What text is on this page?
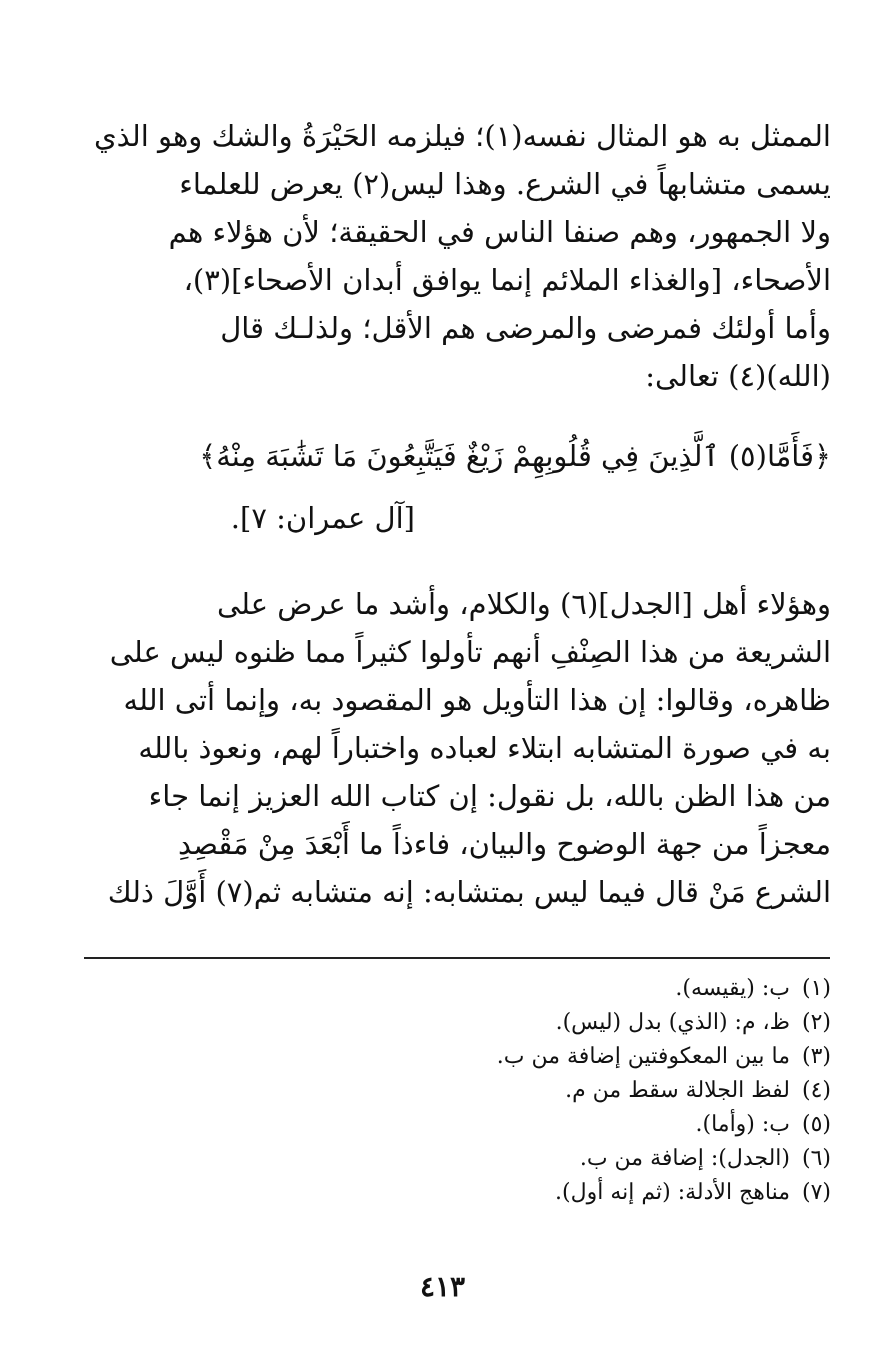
الممثل به هو المثال نفسه(١)؛ فيلزمه الحَيْرَةُ والشك وهو الذي
يسمى متشابهاً في الشرع. وهذا ليس(٢) يعرض للعلماء
ولا الجمهور، وهم صنفا الناس في الحقيقة؛ لأن هؤلاء هم
الأصحاء، [والغذاء الملائم إنما يوافق أبدان الأصحاء](٣)،
وأما أولئك فمرضى والمرضى هم الأقل؛ ولذلـك قال
(الله)(٤) تعالى:
﴿فَأَمَّا(٥) ٱلَّذِينَ فِي قُلُوبِهِمْ زَيْغٌ فَيَتَّبِعُونَ مَا تَشَٰبَهَ مِنْهُ﴾
[آل عمران: ٧].
وهؤلاء أهل [الجدل](٦) والكلام، وأشد ما عرض على
الشريعة من هذا الصِنْفِ أنهم تأولوا كثيراً مما ظنوه ليس على
ظاهره، وقالوا: إن هذا التأويل هو المقصود به، وإنما أتى الله
به في صورة المتشابه ابتلاء لعباده واختباراً لهم، ونعوذ بالله
من هذا الظن بالله، بل نقول: إن كتاب الله العزيز إنما جاء
معجزاً من جهة الوضوح والبيان، فاءذاً ما أَبْعَدَ مِنْ مَقْصِدِ
الشرع مَنْ قال فيما ليس بمتشابه: إنه متشابه ثم(٧) أَوَّلَ ذلك
(١) ب: (يقيسه).
(٢) ظ، م: (الذي) بدل (ليس).
(٣) ما بين المعكوفتين إضافة من ب.
(٤) لفظ الجلالة سقط من م.
(٥) ب: (وأما).
(٦) (الجدل): إضافة من ب.
(٧) مناهج الأدلة: (ثم إنه أول).
٤١٣
